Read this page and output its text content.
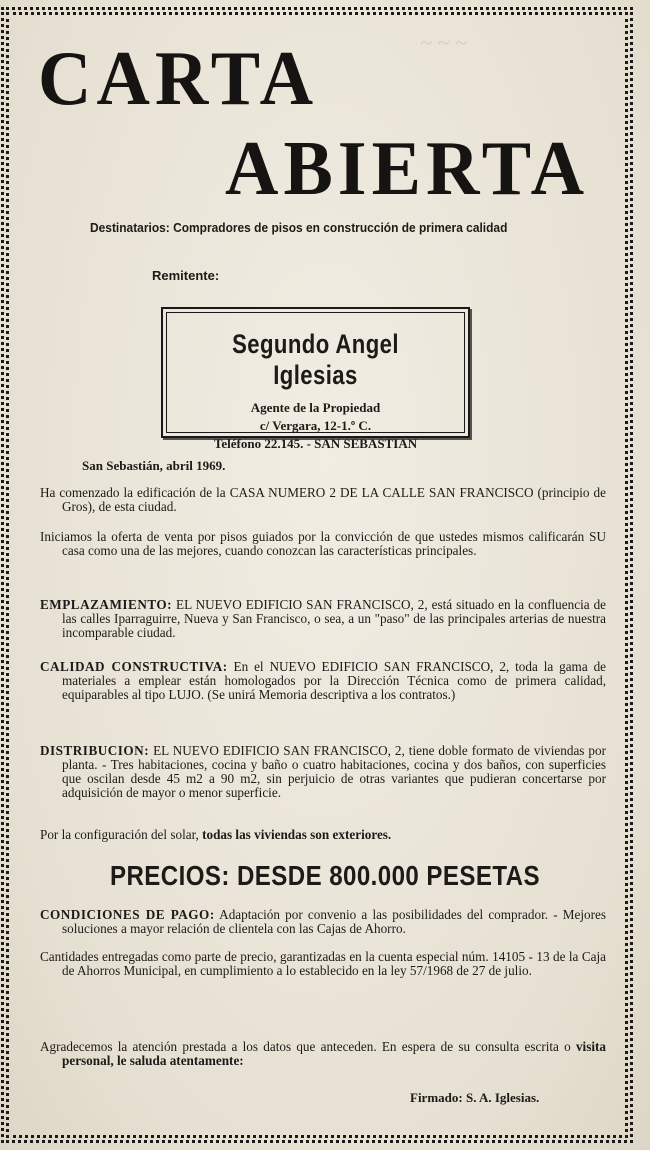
~ ~ ~
CARTA
ABIERTA
Destinatarios: Compradores de pisos en construcción de primera calidad
Remitente:
Segundo Angel Iglesias
Agente de la Propiedad
c/ Vergara, 12-1.º C.
Teléfono 22.145. - SAN SEBASTIAN
San Sebastián, abril 1969.
Ha comenzado la edificación de la CASA NUMERO 2 DE LA CALLE SAN FRANCISCO (principio de Gros), de esta ciudad.
Iniciamos la oferta de venta por pisos guiados por la convicción de que ustedes mismos calificarán SU casa como una de las mejores, cuando conozcan las características principales.
EMPLAZAMIENTO: EL NUEVO EDIFICIO SAN FRANCISCO, 2, está situado en la confluencia de las calles Iparraguirre, Nueva y San Francisco, o sea, a un "paso" de las principales arterias de nuestra incomparable ciudad.
CALIDAD CONSTRUCTIVA: En el NUEVO EDIFICIO SAN FRANCISCO, 2, toda la gama de materiales a emplear están homologados por la Dirección Técnica como de primera calidad, equiparables al tipo LUJO. (Se unirá Memoria descriptiva a los contratos.)
DISTRIBUCION: EL NUEVO EDIFICIO SAN FRANCISCO, 2, tiene doble formato de viviendas por planta. - Tres habitaciones, cocina y baño o cuatro habitaciones, cocina y dos baños, con superficies que oscilan desde 45 m2 a 90 m2, sin perjuicio de otras variantes que pudieran concertarse por adquisición de mayor o menor superficie.
Por la configuración del solar, todas las viviendas son exteriores.
PRECIOS: DESDE 800.000 PESETAS
CONDICIONES DE PAGO: Adaptación por convenio a las posibilidades del comprador. - Mejores soluciones a mayor relación de clientela con las Cajas de Ahorro.
Cantidades entregadas como parte de precio, garantizadas en la cuenta especial núm. 14105 - 13 de la Caja de Ahorros Municipal, en cumplimiento a lo establecido en la ley 57/1968 de 27 de julio.
Agradecemos la atención prestada a los datos que anteceden. En espera de su consulta escrita o visita personal, le saluda atentamente:
Firmado: S. A. Iglesias.
